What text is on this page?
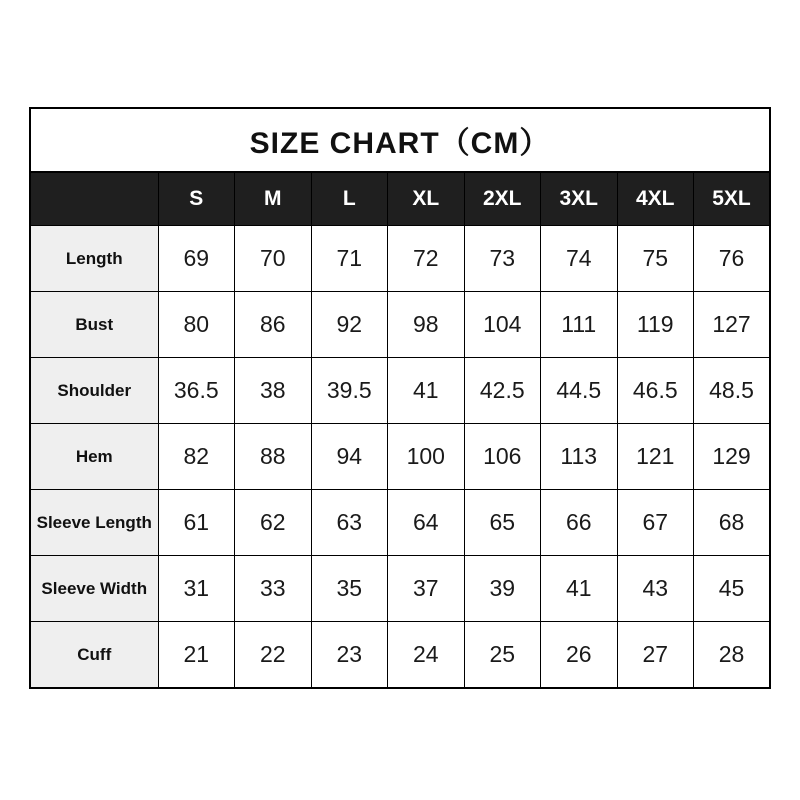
SIZE CHART（CM）								
	S	M	L	XL	2XL	3XL	4XL	5XL
Length	69	70	71	72	73	74	75	76
Bust	80	86	92	98	104	111	119	127
Shoulder	36.5	38	39.5	41	42.5	44.5	46.5	48.5
Hem	82	88	94	100	106	113	121	129
Sleeve Length	61	62	63	64	65	66	67	68
Sleeve Width	31	33	35	37	39	41	43	45
Cuff	21	22	23	24	25	26	27	28
